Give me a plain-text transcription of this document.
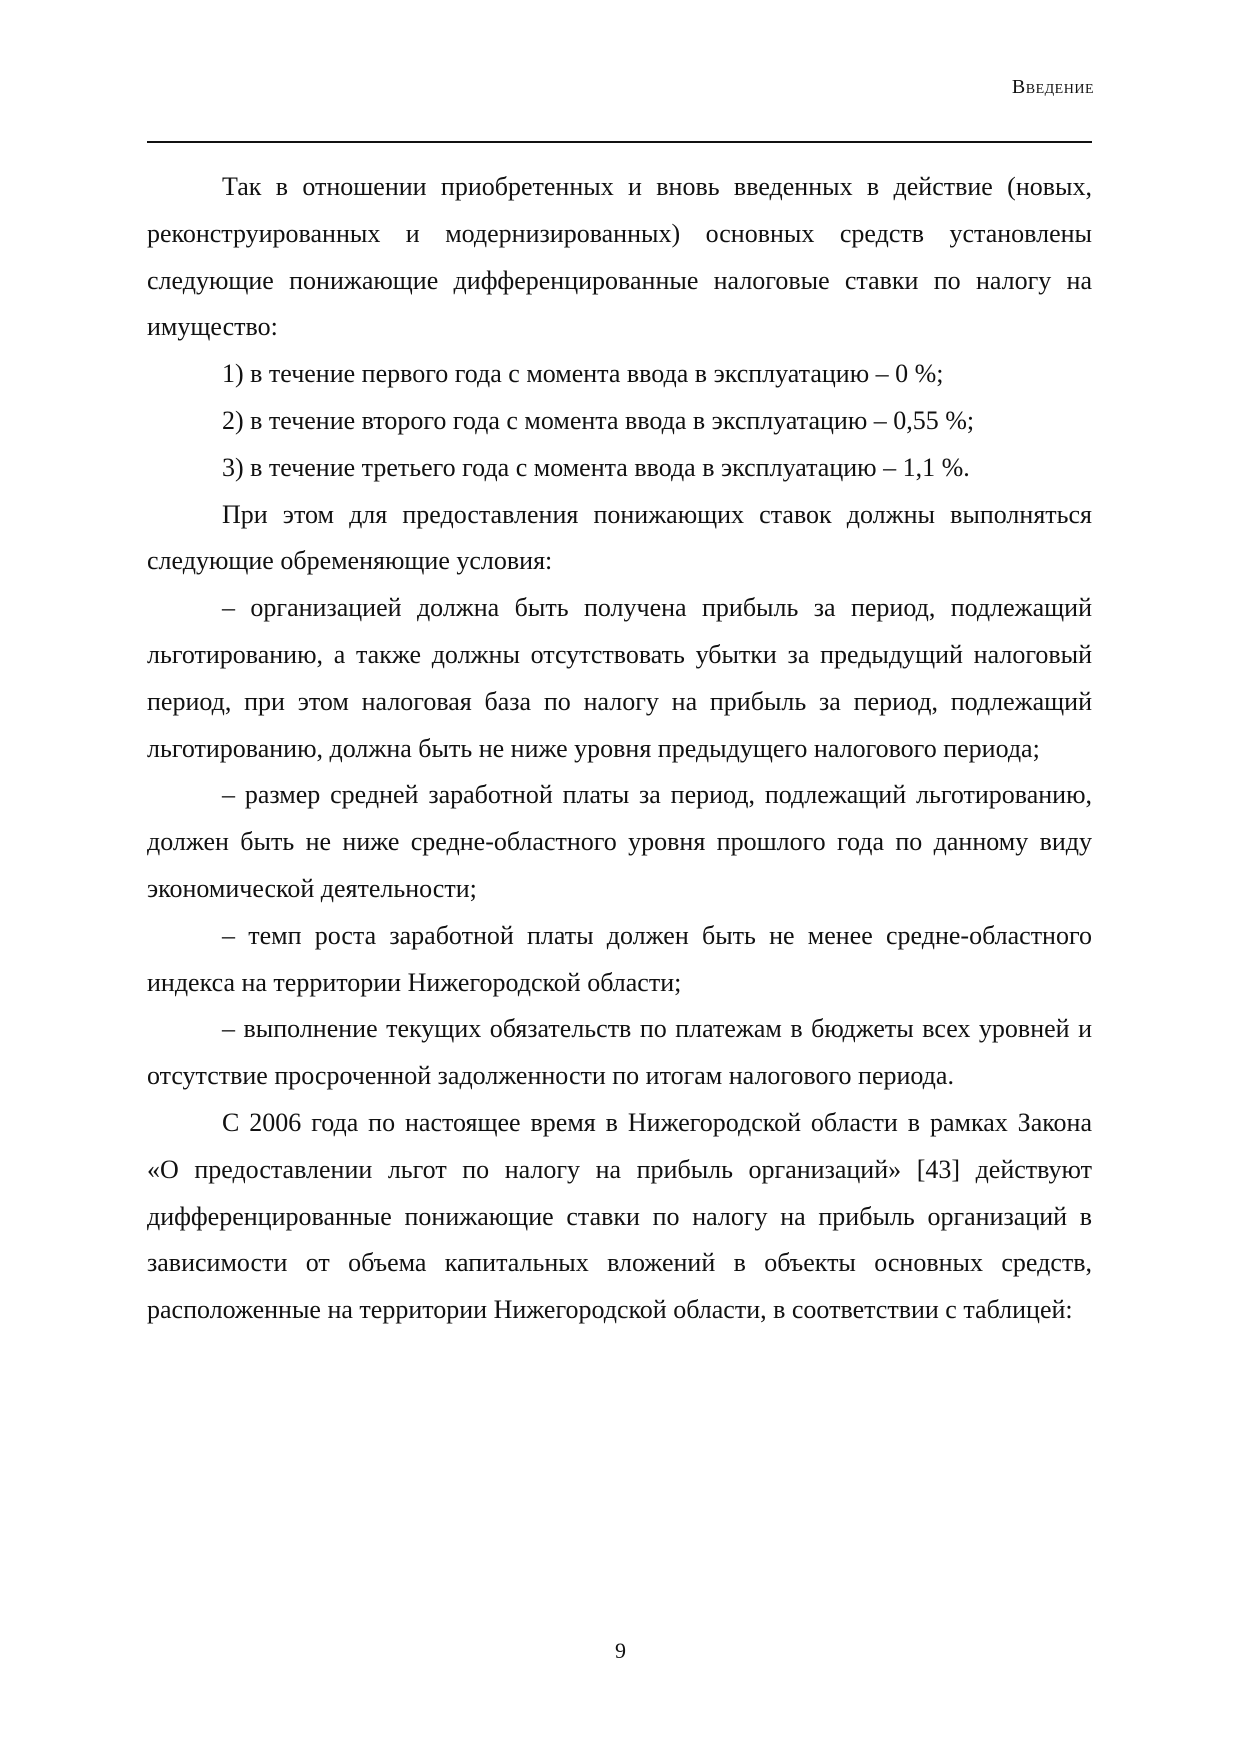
Введение

Так в отношении приобретенных и вновь введенных в действие (новых, реконструированных и модернизированных) основных средств установлены следующие понижающие дифференцированные налоговые ставки по налогу на имущество:

1) в течение первого года с момента ввода в эксплуатацию – 0 %;

2) в течение второго года с момента ввода в эксплуатацию – 0,55 %;

3) в течение третьего года с момента ввода в эксплуатацию – 1,1 %.

При этом для предоставления понижающих ставок должны выполняться следующие обременяющие условия:

– организацией должна быть получена прибыль за период, подлежащий льготированию, а также должны отсутствовать убытки за предыдущий налоговый период, при этом налоговая база по налогу на прибыль за период, подлежащий льготированию, должна быть не ниже уровня предыдущего налогового периода;

– размер средней заработной платы за период, подлежащий льготированию, должен быть не ниже средне-областного уровня прошлого года по данному виду экономической деятельности;

– темп роста заработной платы должен быть не менее средне-областного индекса на территории Нижегородской области;

– выполнение текущих обязательств по платежам в бюджеты всех уровней и отсутствие просроченной задолженности по итогам налогового периода.

С 2006 года по настоящее время в Нижегородской области в рамках Закона «О предоставлении льгот по налогу на прибыль организаций» [43] действуют дифференцированные понижающие ставки по налогу на прибыль организаций в зависимости от объема капитальных вложений в объекты основных средств, расположенные на территории Нижегородской области, в соответствии с таблицей:

9
